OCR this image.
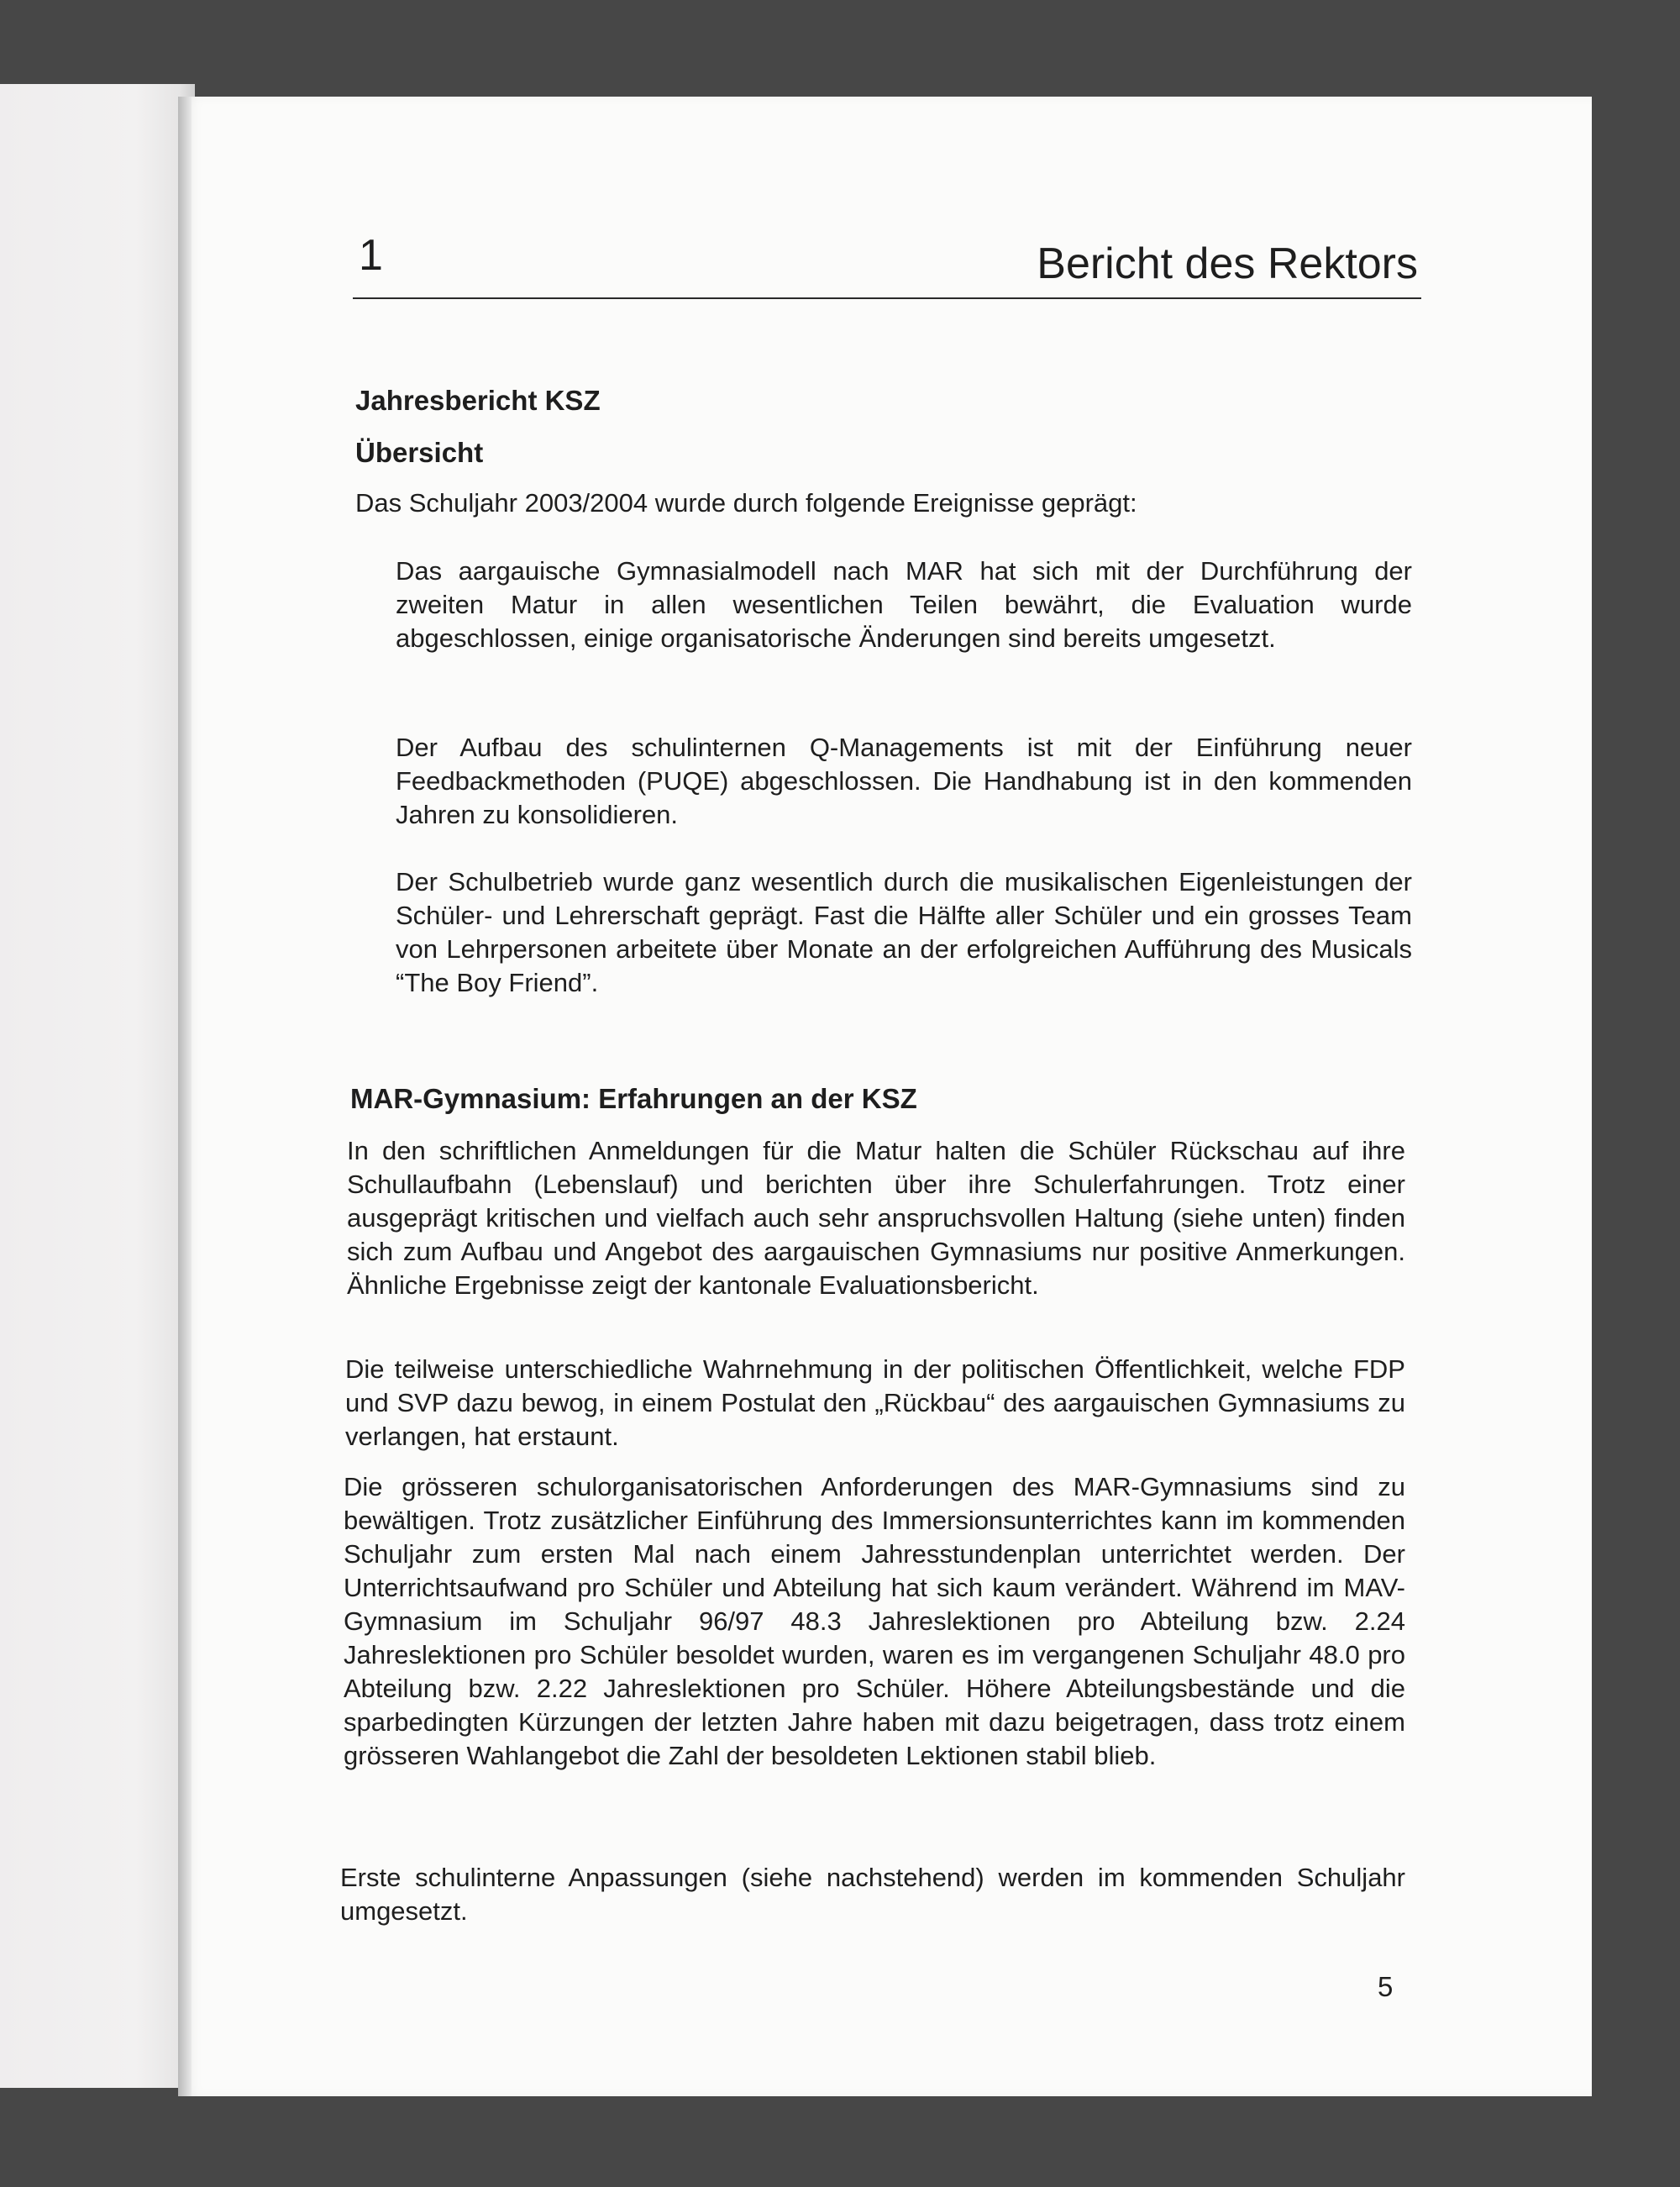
1	Bericht des Rektors
Jahresbericht KSZ
Übersicht

Das Schuljahr 2003/2004 wurde durch folgende Ereignisse geprägt:

Das aargauische Gymnasialmodell nach MAR hat sich mit der Durchführung der zweiten Matur in allen wesentlichen Teilen bewährt, die Evaluation wurde abgeschlossen, einige organisatorische Änderungen sind bereits umgesetzt.

Der Aufbau des schulinternen Q-Managements ist mit der Einführung neuer Feedbackmethoden (PUQE) abgeschlossen. Die Handhabung ist in den kommenden Jahren zu konsolidieren.

Der Schulbetrieb wurde ganz wesentlich durch die musikalischen Eigenleistungen der Schüler- und Lehrerschaft geprägt. Fast die Hälfte aller Schüler und ein grosses Team von Lehrpersonen arbeitete über Monate an der erfolgreichen Aufführung des Musicals “The Boy Friend”.

MAR-Gymnasium: Erfahrungen an der KSZ

In den schriftlichen Anmeldungen für die Matur halten die Schüler Rückschau auf ihre Schullaufbahn (Lebenslauf) und berichten über ihre Schulerfahrungen. Trotz einer ausgeprägt kritischen und vielfach auch sehr anspruchsvollen Haltung (siehe unten) finden sich zum Aufbau und Angebot des aargauischen Gymnasiums nur positive Anmerkungen. Ähnliche Ergebnisse zeigt der kantonale Evaluationsbericht.

Die teilweise unterschiedliche Wahrnehmung in der politischen Öffentlichkeit, welche FDP und SVP dazu bewog, in einem Postulat den „Rückbau“ des aargauischen Gymnasiums zu verlangen, hat erstaunt.

Die grösseren schulorganisatorischen Anforderungen des MAR-Gymnasiums sind zu bewältigen. Trotz zusätzlicher Einführung des Immersionsunterrichtes kann im kommenden Schuljahr zum ersten Mal nach einem Jahresstundenplan unterrichtet werden. Der Unterrichtsaufwand pro Schüler und Abteilung hat sich kaum verändert. Während im MAV-Gymnasium im Schuljahr 96/97 48.3 Jahreslektionen pro Abteilung bzw. 2.24 Jahreslektionen pro Schüler besoldet wurden, waren es im vergangenen Schuljahr 48.0 pro Abteilung bzw. 2.22 Jahreslektionen pro Schüler. Höhere Abteilungsbestände und die sparbedingten Kürzungen der letzten Jahre haben mit dazu beigetragen, dass trotz einem grösseren Wahlangebot die Zahl der besoldeten Lektionen stabil blieb.

Erste schulinterne Anpassungen (siehe nachstehend) werden im kommenden Schuljahr umgesetzt.

5
